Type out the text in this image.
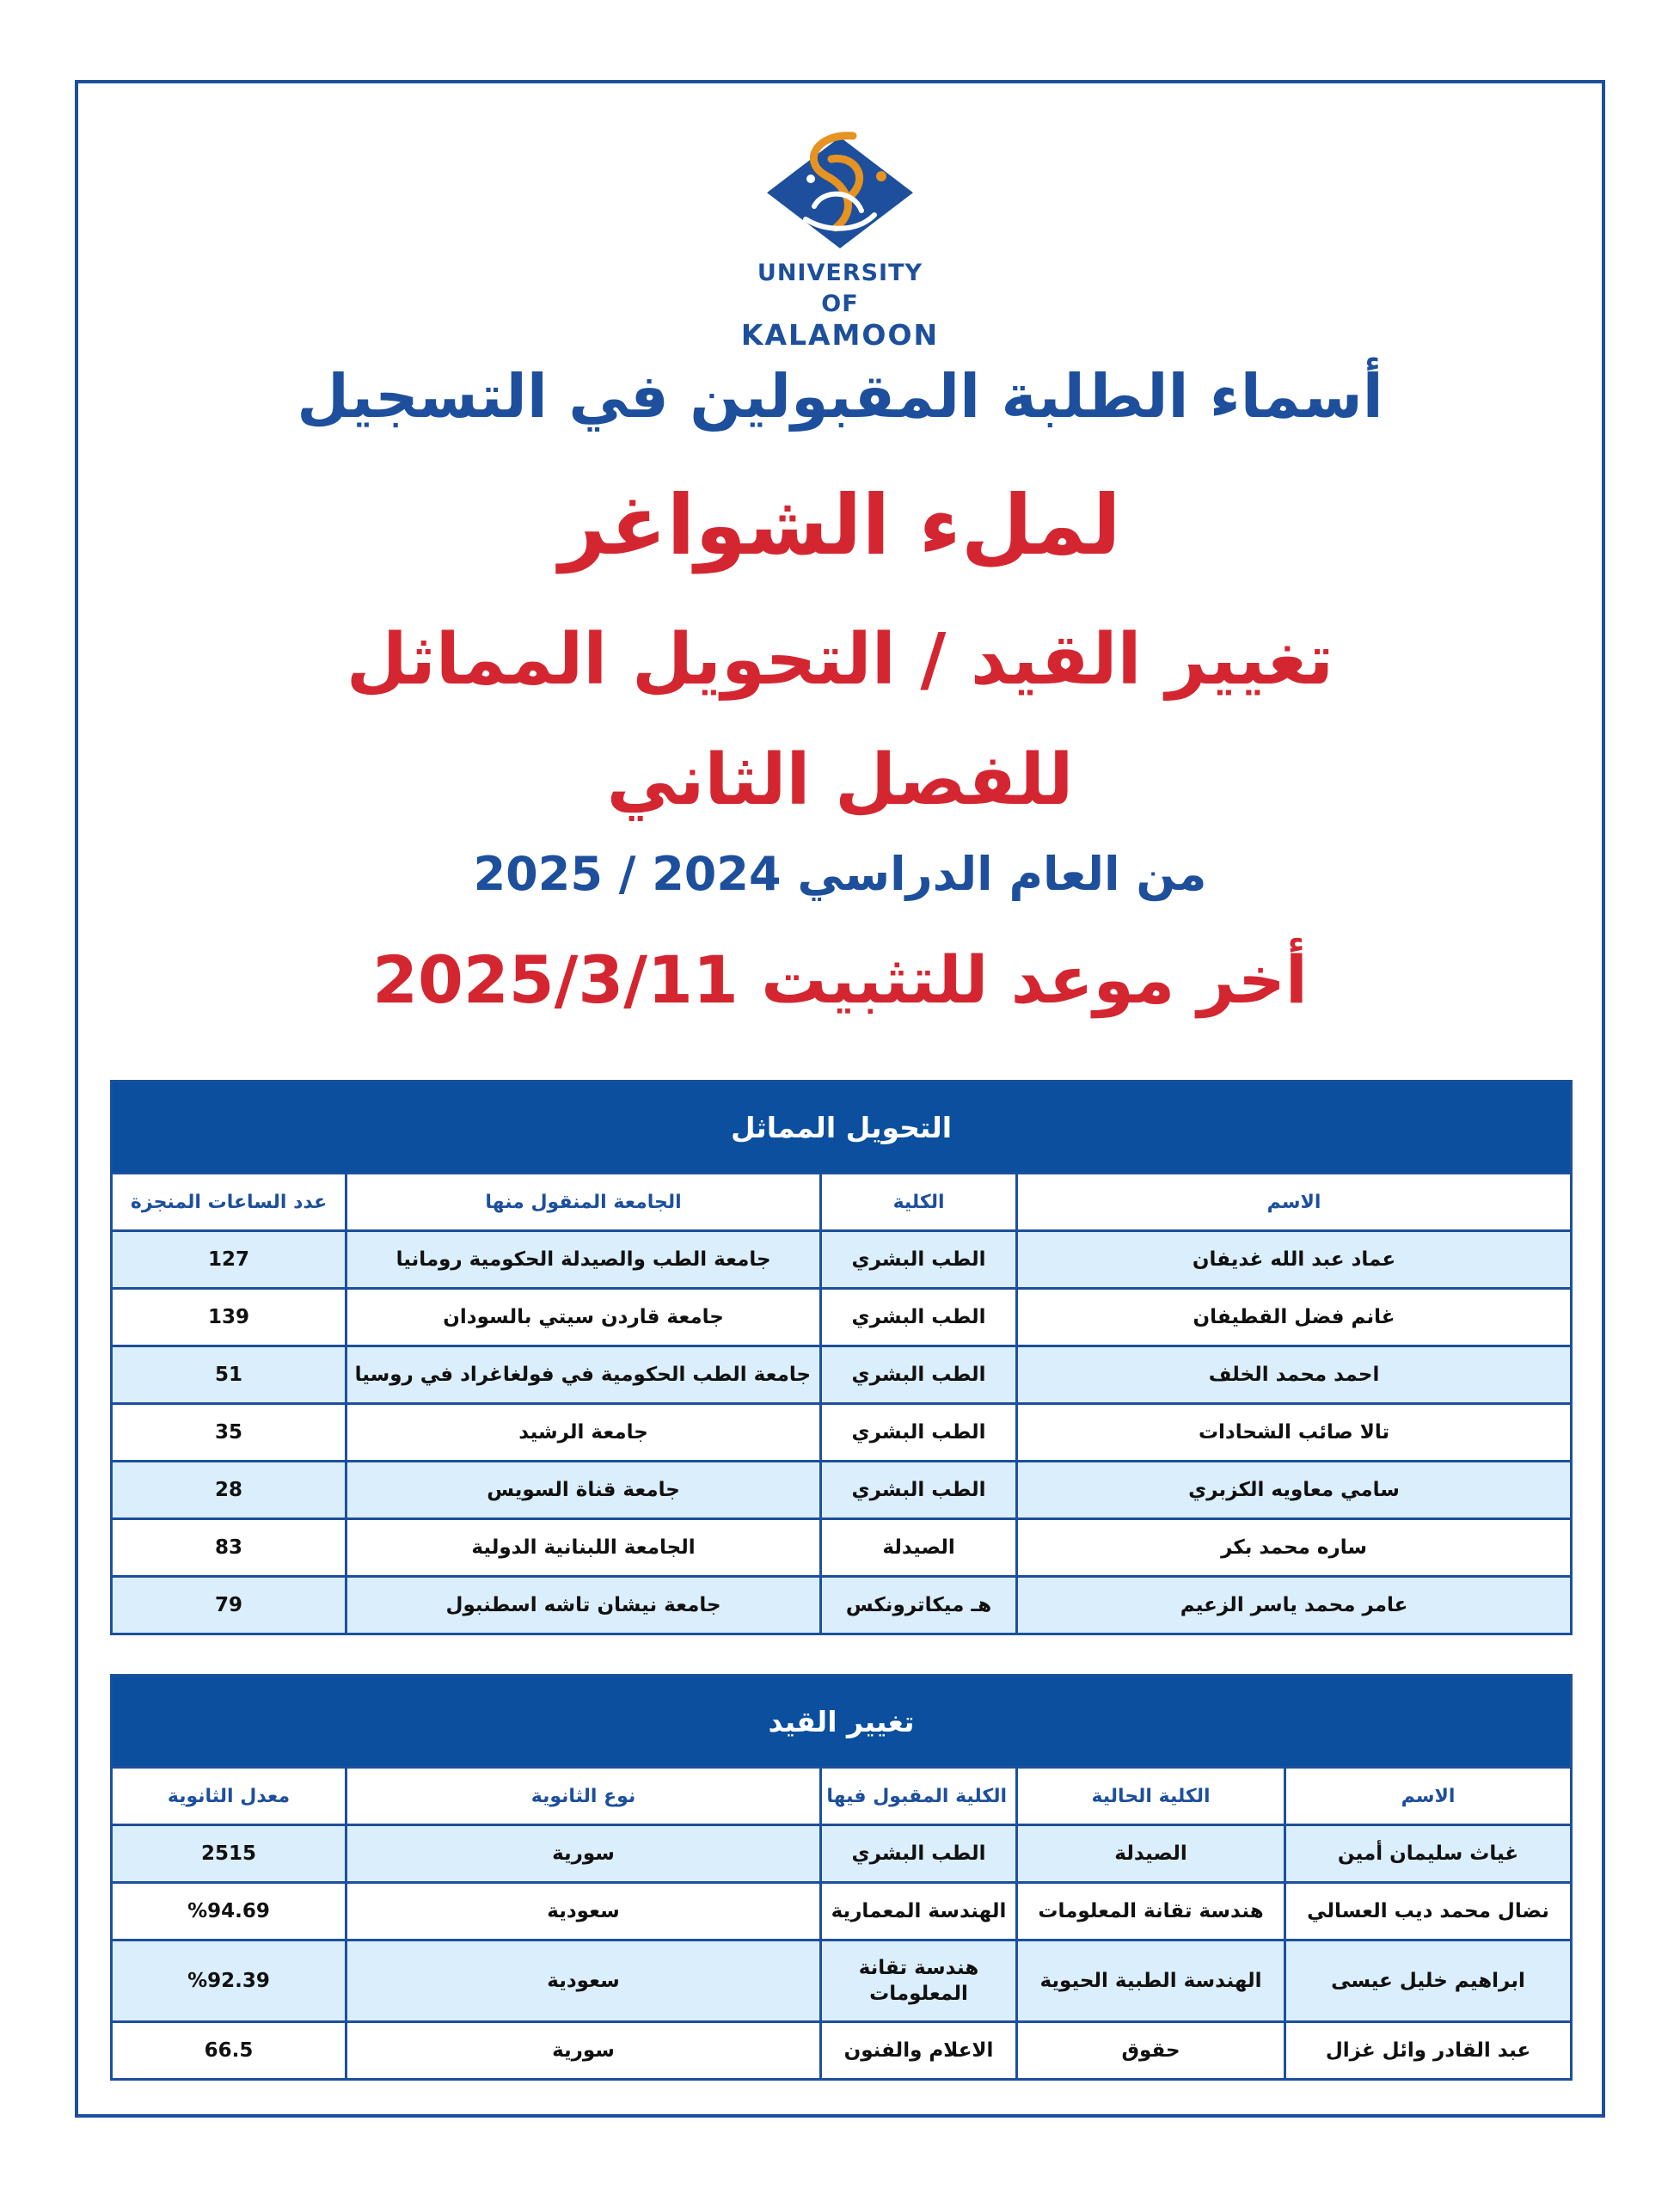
UNIVERSITY OF
KALAMOON
أسماء الطلبة المقبولين في التسجيل
لملء الشواغر
تغيير القيد / التحويل المماثل
للفصل الثاني
من العام الدراسي 2024 / 2025
أخر موعد للتثبيت 2025/3/11
التحويل المماثل			
الاسم	الكلية	الجامعة المنقول منها	عدد الساعات المنجزة
عماد عبد الله غديفان	الطب البشري	جامعة الطب والصيدلة الحكومية رومانيا	127
غانم فضل القطيفان	الطب البشري	جامعة قاردن سيتي بالسودان	139
احمد محمد الخلف	الطب البشري	جامعة الطب الحكومية في فولغاغراد في روسيا	51
تالا صائب الشحادات	الطب البشري	جامعة الرشيد	35
سامي معاويه الكزبري	الطب البشري	جامعة قناة السويس	28
ساره محمد بكر	الصيدلة	الجامعة اللبنانية الدولية	83
عامر محمد ياسر الزعيم	هـ ميكاترونكس	جامعة نيشان تاشه اسطنبول	79
تغيير القيد				
الاسم	الكلية الحالية	الكلية المقبول فيها	نوع الثانوية	معدل الثانوية
غياث سليمان أمين	الصيدلة	الطب البشري	سورية	2515
نضال محمد ديب العسالي	هندسة تقانة المعلومات	الهندسة المعمارية	سعودية	%94.69
ابراهيم خليل عيسى	الهندسة الطبية الحيوية	هندسة تقانة المعلومات	سعودية	%92.39
عبد القادر وائل غزال	حقوق	الاعلام والفنون	سورية	66.5
